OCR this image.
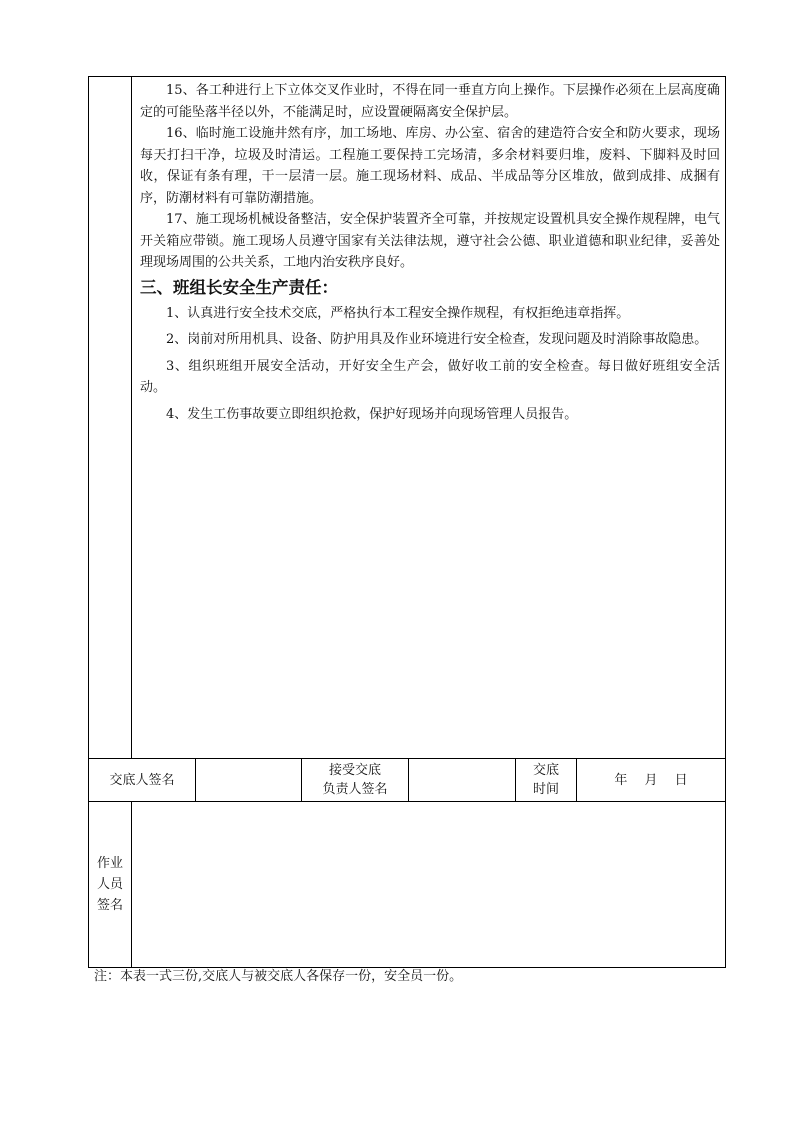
15、各工种进行上下立体交叉作业时，不得在同一垂直方向上操作。下层操作必须在上层高度确定的可能坠落半径以外，不能满足时，应设置硬隔离安全保护层。

16、临时施工设施井然有序，加工场地、库房、办公室、宿舍的建造符合安全和防火要求，现场每天打扫干净，垃圾及时清运。工程施工要保持工完场清，多余材料要归堆，废料、下脚料及时回收，保证有条有理，干一层清一层。施工现场材料、成品、半成品等分区堆放，做到成排、成捆有序，防潮材料有可靠防潮措施。

17、施工现场机械设备整洁，安全保护装置齐全可靠，并按规定设置机具安全操作规程牌，电气开关箱应带锁。施工现场人员遵守国家有关法律法规，遵守社会公德、职业道德和职业纪律，妥善处理现场周围的公共关系，工地内治安秩序良好。

三、班组长安全生产责任：

1、认真进行安全技术交底，严格执行本工程安全操作规程，有权拒绝违章指挥。

2、岗前对所用机具、设备、防护用具及作业环境进行安全检查，发现问题及时消除事故隐患。

3、组织班组开展安全活动，开好安全生产会，做好收工前的安全检查。每日做好班组安全活动。

4、发生工伤事故要立即组织抢救，保护好现场并向现场管理人员报告。

交底人签名
接受交底
负责人签名
交底
时间
年　 月　 日
作业
人员
签名
注：本表一式三份,交底人与被交底人各保存一份，安全员一份。
